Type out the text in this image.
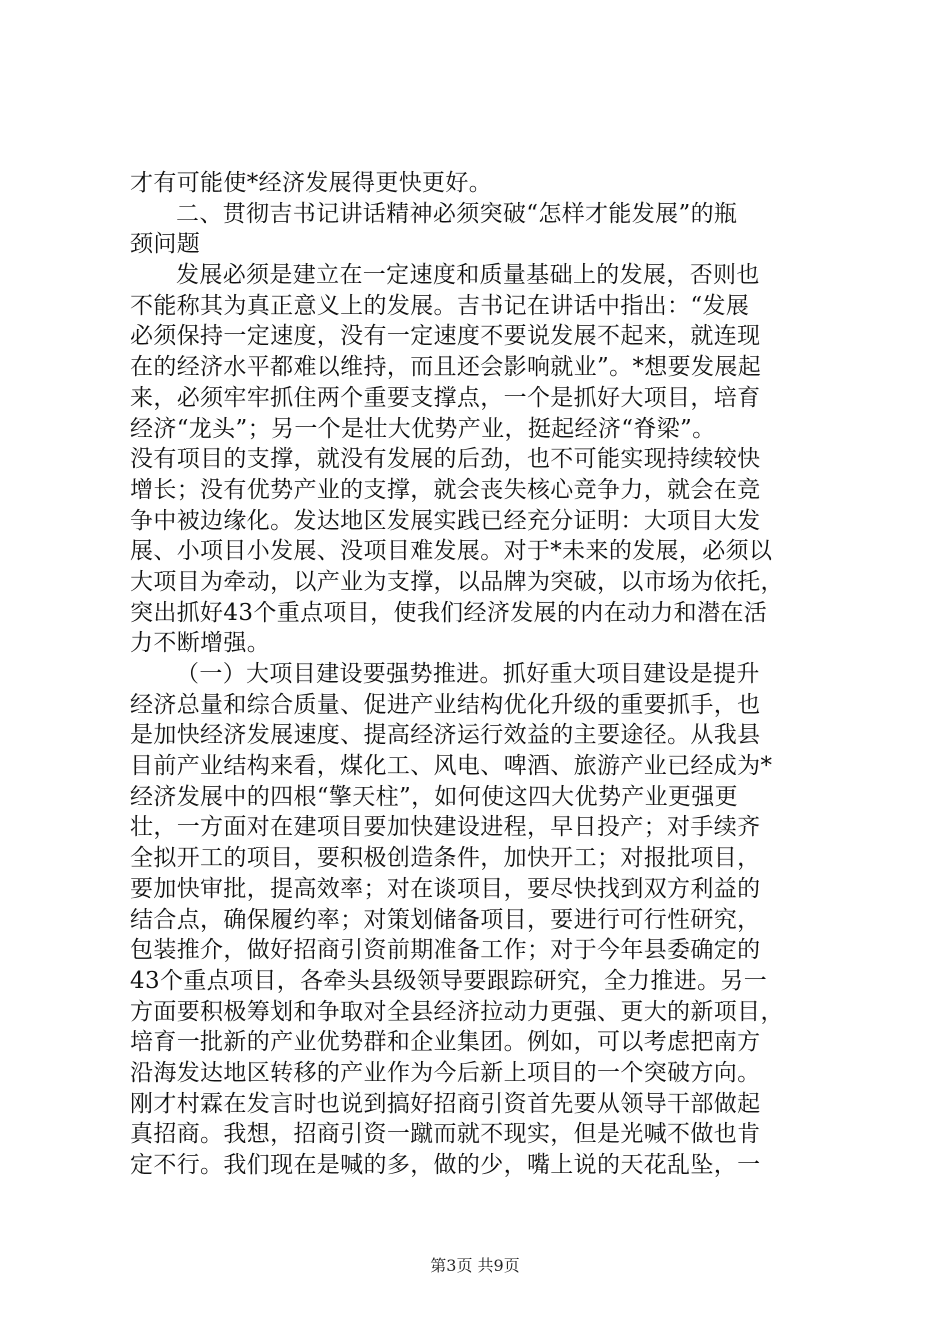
才有可能使*经济发展得更快更好。
二、贯彻吉书记讲话精神必须突破“怎样才能发展”的瓶
颈问题
发展必须是建立在一定速度和质量基础上的发展，否则也
不能称其为真正意义上的发展。吉书记在讲话中指出：“发展
必须保持一定速度，没有一定速度不要说发展不起来，就连现
在的经济水平都难以维持，而且还会影响就业”。*想要发展起
来，必须牢牢抓住两个重要支撑点，一个是抓好大项目，培育
经济“龙头”；另一个是壮大优势产业，挺起经济“脊梁”。
没有项目的支撑，就没有发展的后劲，也不可能实现持续较快
增长；没有优势产业的支撑，就会丧失核心竞争力，就会在竞
争中被边缘化。发达地区发展实践已经充分证明：大项目大发
展、小项目小发展、没项目难发展。对于*未来的发展，必须以
大项目为牵动，以产业为支撑，以品牌为突破，以市场为依托，
突出抓好43个重点项目，使我们经济发展的内在动力和潜在活
力不断增强。
（一）大项目建设要强势推进。抓好重大项目建设是提升
经济总量和综合质量、促进产业结构优化升级的重要抓手，也
是加快经济发展速度、提高经济运行效益的主要途径。从我县
目前产业结构来看，煤化工、风电、啤酒、旅游产业已经成为*
经济发展中的四根“擎天柱”，如何使这四大优势产业更强更
壮，一方面对在建项目要加快建设进程，早日投产；对手续齐
全拟开工的项目，要积极创造条件，加快开工；对报批项目，
要加快审批，提高效率；对在谈项目，要尽快找到双方利益的
结合点，确保履约率；对策划储备项目，要进行可行性研究，
包装推介，做好招商引资前期准备工作；对于今年县委确定的
43个重点项目，各牵头县级领导要跟踪研究，全力推进。另一
方面要积极筹划和争取对全县经济拉动力更强、更大的新项目，
培育一批新的产业优势群和企业集团。例如，可以考虑把南方
沿海发达地区转移的产业作为今后新上项目的一个突破方向。
刚才村霖在发言时也说到搞好招商引资首先要从领导干部做起
真招商。我想，招商引资一蹴而就不现实，但是光喊不做也肯
定不行。我们现在是喊的多，做的少，嘴上说的天花乱坠，一
第3页 共9页
